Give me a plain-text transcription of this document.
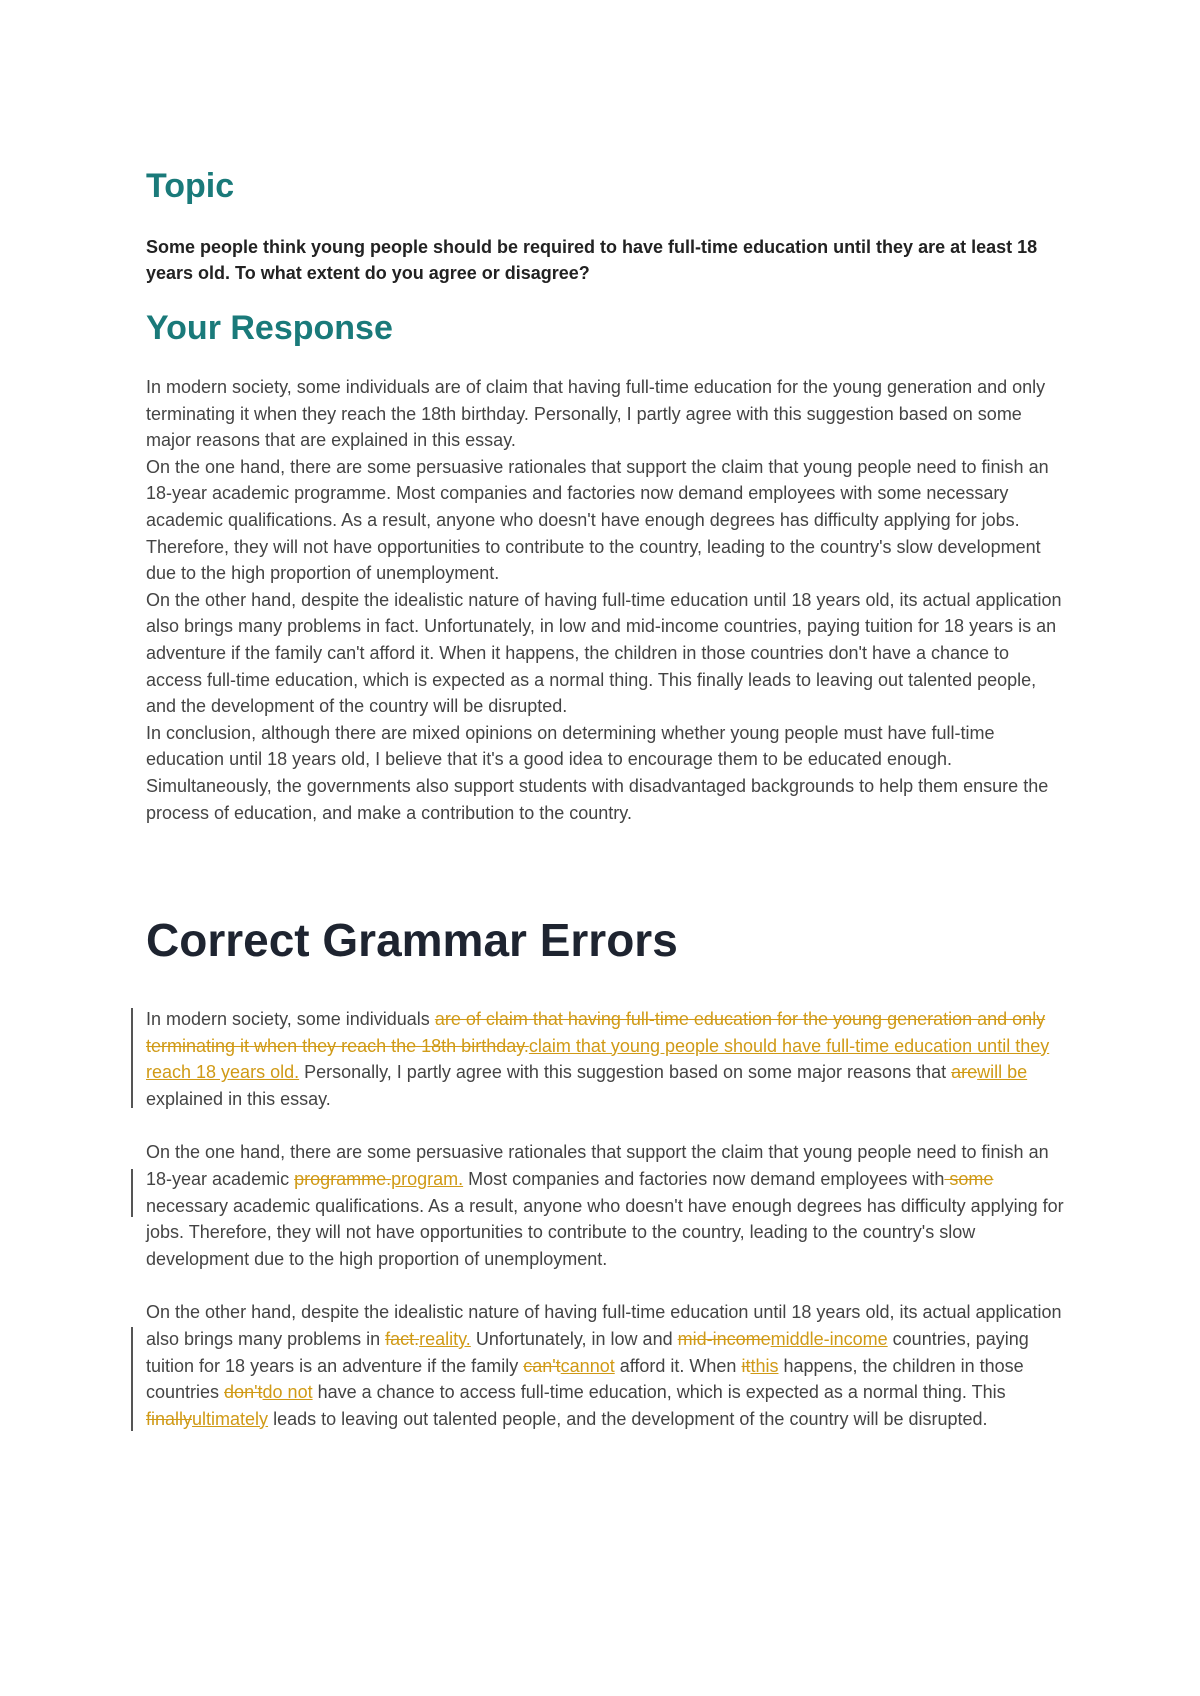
Topic

Some people think young people should be required to have full-time education until they are at least 18 years old. To what extent do you agree or disagree?

Your Response

In modern society, some individuals are of claim that having full-time education for the young generation and only terminating it when they reach the 18th birthday. Personally, I partly agree with this suggestion based on some major reasons that are explained in this essay.

On the one hand, there are some persuasive rationales that support the claim that young people need to finish an 18-year academic programme. Most companies and factories now demand employees with some necessary academic qualifications. As a result, anyone who doesn't have enough degrees has difficulty applying for jobs. Therefore, they will not have opportunities to contribute to the country, leading to the country's slow development due to the high proportion of unemployment.

On the other hand, despite the idealistic nature of having full-time education until 18 years old, its actual application also brings many problems in fact. Unfortunately, in low and mid-income countries, paying tuition for 18 years is an adventure if the family can't afford it. When it happens, the children in those countries don't have a chance to access full-time education, which is expected as a normal thing. This finally leads to leaving out talented people, and the development of the country will be disrupted.

In conclusion, although there are mixed opinions on determining whether young people must have full-time education until 18 years old, I believe that it's a good idea to encourage them to be educated enough. Simultaneously, the governments also support students with disadvantaged backgrounds to help them ensure the process of education, and make a contribution to the country.

Correct Grammar Errors

In modern society, some individuals are of claim that having full-time education for the young generation and only terminating it when they reach the 18th birthday.claim that young people should have full-time education until they reach 18 years old. Personally, I partly agree with this suggestion based on some major reasons that arewill be explained in this essay.

On the one hand, there are some persuasive rationales that support the claim that young people need to finish an 18-year academic programme.program. Most companies and factories now demand employees with some necessary academic qualifications. As a result, anyone who doesn't have enough degrees has difficulty applying for jobs. Therefore, they will not have opportunities to contribute to the country, leading to the country's slow development due to the high proportion of unemployment.

On the other hand, despite the idealistic nature of having full-time education until 18 years old, its actual application also brings many problems in fact.reality. Unfortunately, in low and mid-incomemiddle-income countries, paying tuition for 18 years is an adventure if the family can'tcannot afford it. When itthis happens, the children in those countries don'tdo not have a chance to access full-time education, which is expected as a normal thing. This finallyultimately leads to leaving out talented people, and the development of the country will be disrupted.
